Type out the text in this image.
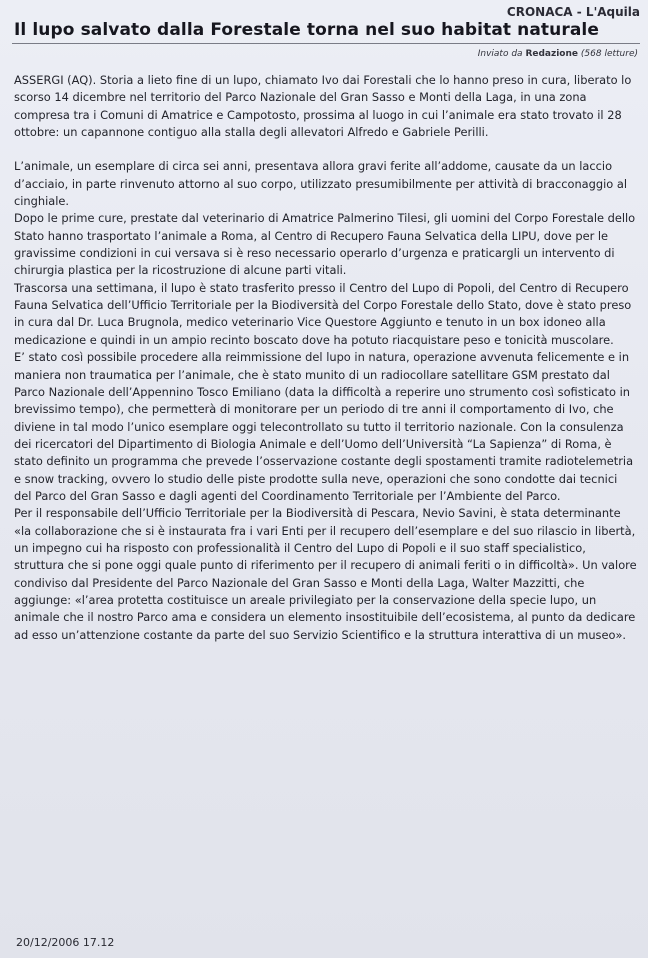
CRONACA - L'Aquila
Il lupo salvato dalla Forestale torna nel suo habitat naturale
Inviato da Redazione (568 letture)

ASSERGI (AQ). Storia a lieto fine di un lupo, chiamato Ivo dai Forestali che lo hanno preso in cura, liberato lo scorso 14 dicembre nel territorio del Parco Nazionale del Gran Sasso e Monti della Laga, in una zona compresa tra i Comuni di Amatrice e Campotosto, prossima al luogo in cui l’animale era stato trovato il 28 ottobre: un capannone contiguo alla stalla degli allevatori Alfredo e Gabriele Perilli.

L’animale, un esemplare di circa sei anni, presentava allora gravi ferite all’addome, causate da un laccio d’acciaio, in parte rinvenuto attorno al suo corpo, utilizzato presumibilmente per attività di bracconaggio al cinghiale.

Dopo le prime cure, prestate dal veterinario di Amatrice Palmerino Tilesi, gli uomini del Corpo Forestale dello Stato hanno trasportato l’animale a Roma, al Centro di Recupero Fauna Selvatica della LIPU, dove per le gravissime condizioni in cui versava si è reso necessario operarlo d’urgenza e praticargli un intervento di chirurgia plastica per la ricostruzione di alcune parti vitali.

Trascorsa una settimana, il lupo è stato trasferito presso il Centro del Lupo di Popoli, del Centro di Recupero Fauna Selvatica dell’Ufficio Territoriale per la Biodiversità del Corpo Forestale dello Stato, dove è stato preso in cura dal Dr. Luca Brugnola, medico veterinario Vice Questore Aggiunto e tenuto in un box idoneo alla medicazione e quindi in un ampio recinto boscato dove ha potuto riacquistare peso e tonicità muscolare.

E’ stato così possibile procedere alla reimmissione del lupo in natura, operazione avvenuta felicemente e in maniera non traumatica per l’animale, che è stato munito di un radiocollare satellitare GSM prestato dal Parco Nazionale dell’Appennino Tosco Emiliano (data la difficoltà a reperire uno strumento così sofisticato in brevissimo tempo), che permetterà di monitorare per un periodo di tre anni il comportamento di Ivo, che diviene in tal modo l’unico esemplare oggi telecontrollato su tutto il territorio nazionale. Con la consulenza dei ricercatori del Dipartimento di Biologia Animale e dell’Uomo dell’Università “La Sapienza” di Roma, è stato definito un programma che prevede l’osservazione costante degli spostamenti tramite radiotelemetria e snow tracking, ovvero lo studio delle piste prodotte sulla neve, operazioni che sono condotte dai tecnici del Parco del Gran Sasso e dagli agenti del Coordinamento Territoriale per l’Ambiente del Parco.

Per il responsabile dell’Ufficio Territoriale per la Biodiversità di Pescara, Nevio Savini, è stata determinante «la collaborazione che si è instaurata fra i vari Enti per il recupero dell’esemplare e del suo rilascio in libertà, un impegno cui ha risposto con professionalità il Centro del Lupo di Popoli e il suo staff specialistico, struttura che si pone oggi quale punto di riferimento per il recupero di animali feriti o in difficoltà». Un valore condiviso dal Presidente del Parco Nazionale del Gran Sasso e Monti della Laga, Walter Mazzitti, che aggiunge: «l’area protetta costituisce un areale privilegiato per la conservazione della specie lupo, un animale che il nostro Parco ama e considera un elemento insostituibile dell’ecosistema, al punto da dedicare ad esso un’attenzione costante da parte del suo Servizio Scientifico e la struttura interattiva di un museo».

20/12/2006 17.12
